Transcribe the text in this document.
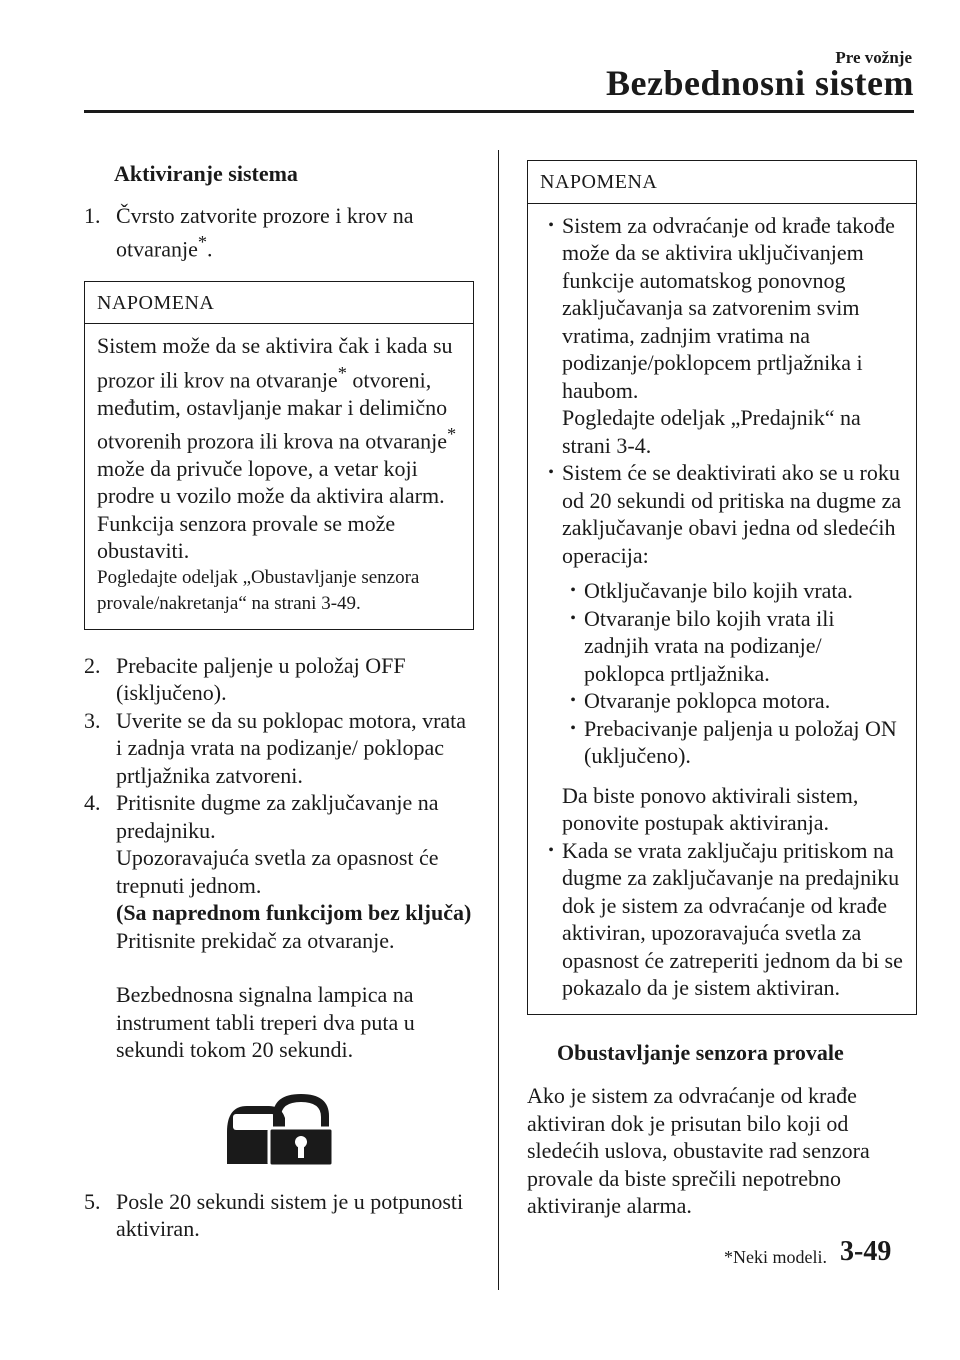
Pre vožnje
Bezbednosni sistem

Aktiviranje sistema

1. Čvrsto zatvorite prozore i krov na otvaranje*.
NAPOMENA

Sistem može da se aktivira čak i kada su prozor ili krov na otvaranje* otvoreni, međutim, ostavljanje makar i delimično otvorenih prozora ili krova na otvaranje* može da privuče lopove, a vetar koji prodre u vozilo može da aktivira alarm.

Funkcija senzora provale se može obustaviti.

Pogledajte odeljak „Obustavljanje senzora provale/nakretanja“ na strani 3-49.

2. Prebacite paljenje u položaj OFF (isključeno).
3. Uverite se da su poklopac motora, vrata i zadnja vrata na podizanje/ poklopac prtljažnika zatvoreni.
4. Pritisnite dugme za zaključavanje na predajniku.

Upozoravajuća svetla za opasnost će trepnuti jednom.

(Sa naprednom funkcijom bez ključa)

Pritisnite prekidač za otvaranje.

Bezbednosna signalna lampica na instrument tabli treperi dva puta u sekundi tokom 20 sekundi.

5. Posle 20 sekundi sistem je u potpunosti aktiviran.
NAPOMENA
•

Sistem za odvraćanje od krađe takođe može da se aktivira uključivanjem funkcije automatskog ponovnog zaključavanja sa zatvorenim svim vratima, zadnjim vratima na podizanje/poklopcem prtljažnika i haubom.

Pogledajte odeljak „Predajnik“ na strani 3-4.

•

Sistem će se deaktivirati ako se u roku od 20 sekundi od pritiska na dugme za zaključavanje obavi jedna od sledećih operacija:

•
Otključavanje bilo kojih vrata.
•
Otvaranje bilo kojih vrata ili zadnjih vrata na podizanje/ poklopca prtljažnika.
•
Otvaranje poklopca motora.
•
Prebacivanje paljenja u položaj ON (uključeno).

Da biste ponovo aktivirali sistem, ponovite postupak aktiviranja.

•

Kada se vrata zaključaju pritiskom na dugme za zaključavanje na predajniku dok je sistem za odvraćanje od krađe aktiviran, upozoravajuća svetla za opasnost će zatreperiti jednom da bi se pokazalo da je sistem aktiviran.

Obustavljanje senzora provale

Ako je sistem za odvraćanje od krađe aktiviran dok je prisutan bilo koji od sledećih uslova, obustavite rad senzora provale da biste sprečili nepotrebno aktiviranje alarma.

*Neki modeli. 3-49
